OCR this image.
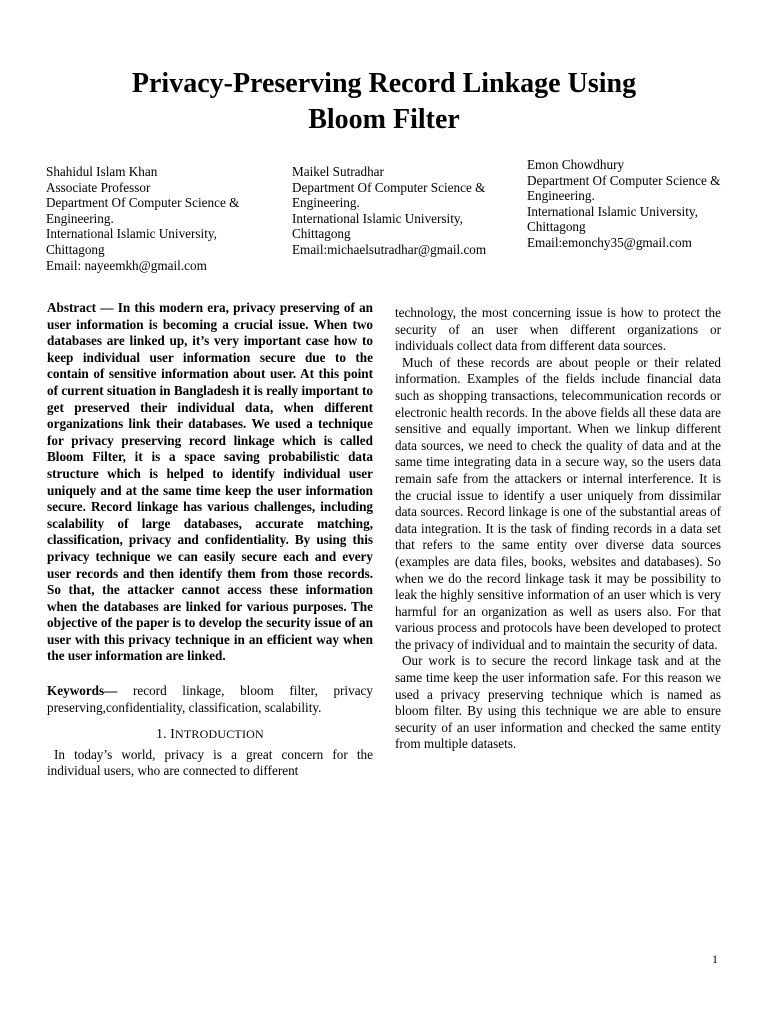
Privacy-Preserving Record Linkage Using
Bloom Filter
Shahidul Islam Khan
Associate Professor
Department Of Computer Science & Engineering.
International Islamic University, Chittagong
Email: nayeemkh@gmail.com
Maikel Sutradhar
Department Of Computer Science & Engineering.
International Islamic University, Chittagong
Email:michaelsutradhar@gmail.com
Emon Chowdhury
Department Of Computer Science &
Engineering.
International Islamic University, Chittagong
Email:emonchy35@gmail.com

Abstract — In this modern era, privacy preserving of an user information is becoming a crucial issue. When two databases are linked up, it’s very important case how to keep individual user information secure due to the contain of sensitive information about user. At this point of current situation in Bangladesh it is really important to get preserved their individual data, when different organizations link their databases. We used a technique for privacy preserving record linkage which is called Bloom Filter, it is a space saving probabilistic data structure which is helped to identify individual user uniquely and at the same time keep the user information secure. Record linkage has various challenges, including scalability of large databases, accurate matching, classification, privacy and confidentiality. By using this privacy technique we can easily secure each and every user records and then identify them from those records. So that, the attacker cannot access these information when the databases are linked for various purposes. The objective of the paper is to develop the security issue of an user with this privacy technique in an efficient way when the user information are linked.

Keywords— record linkage, bloom filter, privacy preserving,confidentiality, classification, scalability.

1. INTRODUCTION

In today’s world, privacy is a great concern for the individual users, who are connected to different

technology, the most concerning issue is how to protect the security of an user when different organizations or individuals collect data from different data sources.

Much of these records are about people or their related information. Examples of the fields include financial data such as shopping transactions, telecommunication records or electronic health records. In the above fields all these data are sensitive and equally important. When we linkup different data sources, we need to check the quality of data and at the same time integrating data in a secure way, so the users data remain safe from the attackers or internal interference. It is the crucial issue to identify a user uniquely from dissimilar data sources. Record linkage is one of the substantial areas of data integration. It is the task of finding records in a data set that refers to the same entity over diverse data sources (examples are data files, books, websites and databases). So when we do the record linkage task it may be possibility to leak the highly sensitive information of an user which is very harmful for an organization as well as users also. For that various process and protocols have been developed to protect the privacy of individual and to maintain the security of data.

Our work is to secure the record linkage task and at the same time keep the user information safe. For this reason we used a privacy preserving technique which is named as bloom filter. By using this technique we are able to ensure security of an user information and checked the same entity from multiple datasets.

1
